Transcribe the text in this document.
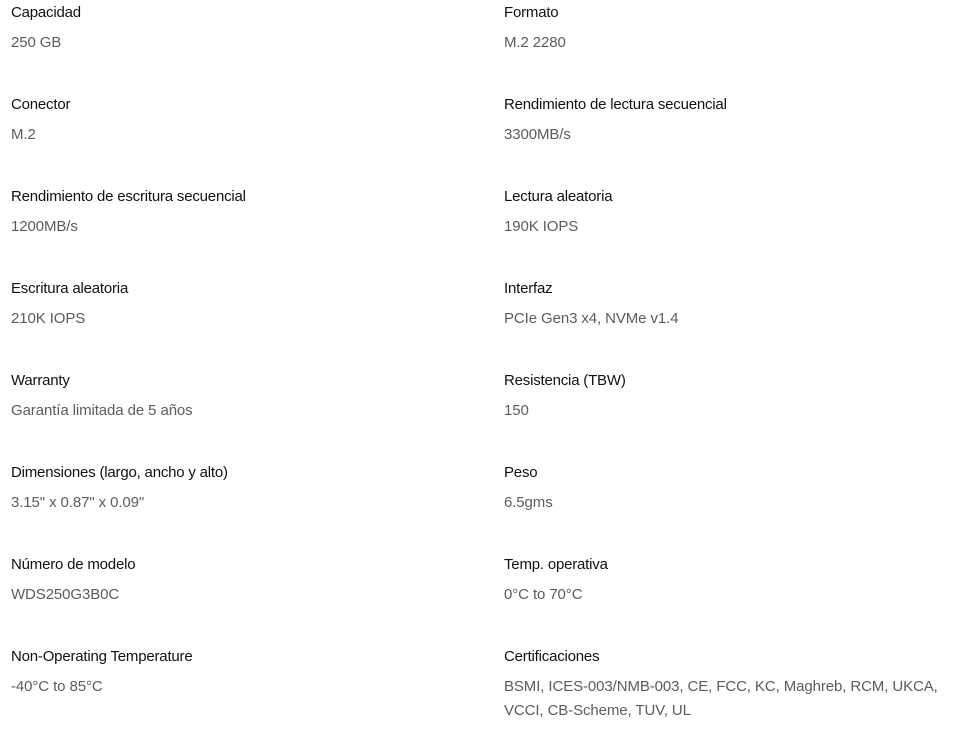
Capacidad
250 GB
Formato
M.2 2280
Conector
M.2
Rendimiento de lectura secuencial
3300MB/s
Rendimiento de escritura secuencial
1200MB/s
Lectura aleatoria
190K IOPS
Escritura aleatoria
210K IOPS
Interfaz
PCIe Gen3 x4, NVMe v1.4
Warranty
Garantía limitada de 5 años
Resistencia (TBW)
150
Dimensiones (largo, ancho y alto)
3.15" x 0.87" x 0.09"
Peso
6.5gms
Número de modelo
WDS250G3B0C
Temp. operativa
0°C to 70°C
Non-Operating Temperature
-40°C to 85°C
Certificaciones
BSMI, ICES-003/NMB-003, CE, FCC, KC, Maghreb, RCM, UKCA, VCCI, CB-Scheme, TUV, UL
